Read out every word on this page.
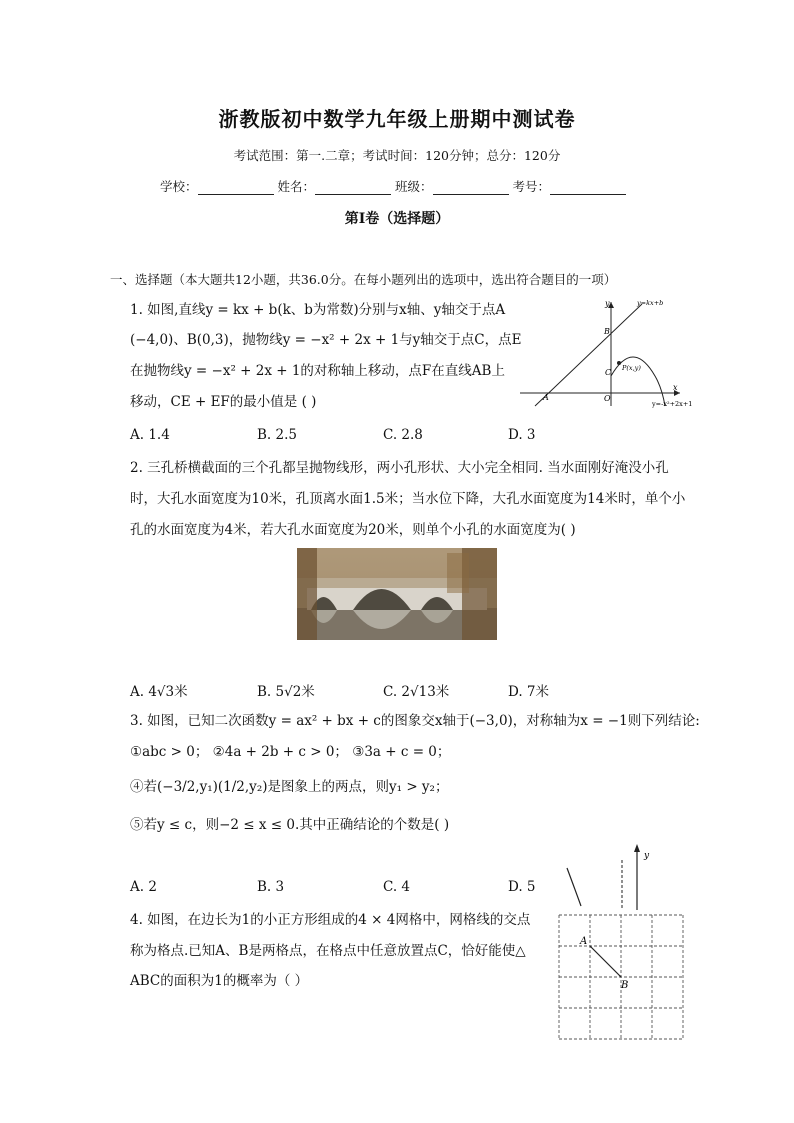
浙教版初中数学九年级上册期中测试卷
考试范围：第一.二章；考试时间：120分钟；总分：120分
学校：	姓名：	班级：	考号：
第I卷（选择题）
一、选择题（本大题共12小题，共36.0分。在每小题列出的选项中，选出符合题目的一项）
1. 如图,直线y = kx + b(k、b为常数)分别与x轴、y轴交于点A
(−4,0)、B(0,3)，抛物线y = −x² + 2x + 1与y轴交于点C，点E
在抛物线y = −x² + 2x + 1的对称轴上移动，点F在直线AB上
移动，CE + EF的最小值是 ( )	A
B
C
O
x
y
P(x,y)
y=kx+b
y=-x²+2x+1
A. 1.4	B. 2.5	C. 2.8	D. 3
2. 三孔桥横截面的三个孔都呈抛物线形，两小孔形状、大小完全相同. 当水面刚好淹没小孔
时，大孔水面宽度为10米，孔顶离水面1.5米；当水位下降，大孔水面宽度为14米时，单个小
孔的水面宽度为4米，若大孔水面宽度为20米，则单个小孔的水面宽度为( )
A. 4√3米	B. 5√2米	C. 2√13米	D. 7米
3. 如图，已知二次函数y = ax² + bx + c的图象交x轴于(−3,0)，对称轴为x = −1则下列结论:
①abc > 0； ②4a + 2b + c > 0； ③3a + c = 0；
④若(−3/2,y₁)(1/2,y₂)是图象上的两点，则y₁ > y₂；
⑤若y ≤ c，则−2 ≤ x ≤ 0.其中正确结论的个数是( )
A. 2	B. 3	C. 4	D. 5
4. 如图，在边长为1的小正方形组成的4 × 4网格中，网格线的交点
称为格点.已知A、B是两格点，在格点中任意放置点C，恰好能使△
ABC的面积为1的概率为（ ）
y
A
B
